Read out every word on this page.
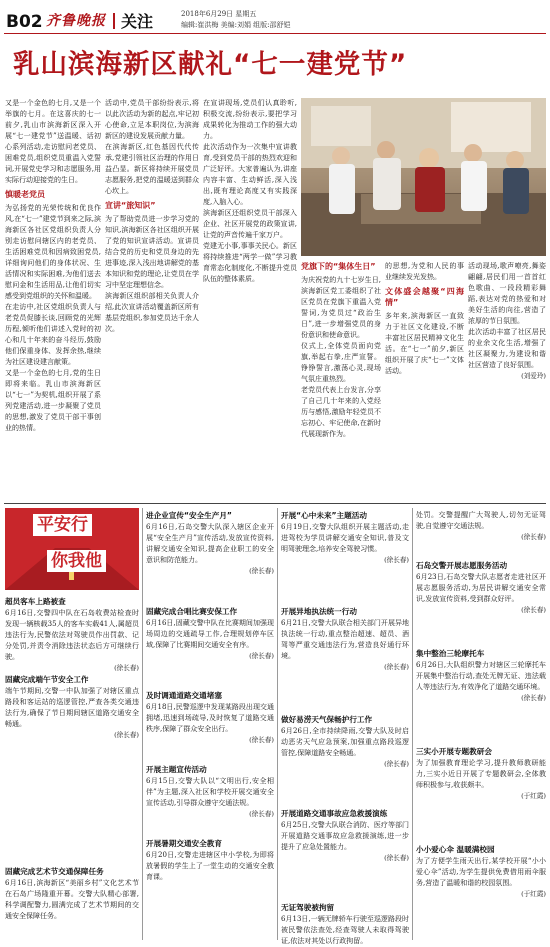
B02 齐鲁晚报 关注	2018年6月29日 星期五
编辑:崔洪梅 美编:刘娟 组版:邵舒铠
乳山滨海新区献礼“七一建党节”
又是一个金色的七月,又是一个举旗的七月。在这喜庆的七一前夕,乳山市滨海新区深入开展“七一建党节”送温暖、话初心系列活动,走访慰问老党员、困难党员,组织党员重温入党誓词,开展党史学习和志愿服务,用实际行动迎接党的生日。

慎暖老党员
为弘扬党的光荣传统和优良作风,在“七一”建党节到来之际,滨海新区各社区党组织负责人分别走访慰问辖区内的老党员、生活困难党员和因病致困党员,详细询问他们的身体状况、生活情况和实际困难,为他们送去慰问金和生活用品,让他们切实感受到党组织的关怀和温暖。
在走访中,社区党组织负责人与老党员促膝长谈,回顾党的光辉历程,倾听他们讲述入党时的初心和几十年来的奋斗经历,鼓励他们保重身体、发挥余热,继续为社区建设建言献策。
又是一个金色的七月,党的生日即将来临。乳山市滨海新区以“七一”为契机,组织开展了系列党建活动,进一步凝聚了党员的思想,激发了党员干部干事创业的热情。
活动中,党员干部纷纷表示,将以此次活动为新的起点,牢记初心使命,立足本职岗位,为滨海新区的建设发展贡献力量。
在滨海新区,红色基因代代传承,党建引领社区治理的作用日益凸显。新区将持续开展党员志愿服务,把党的温暖送到群众心坎上。

宣讲“旅知识”
为了帮助党员进一步学习党的知识,滨海新区各社区组织开展了党的知识宣讲活动。宣讲员结合党的历史和党员身边的先进事迹,深入浅出地讲解党的基本知识和党的理论,让党员在学习中坚定理想信念。
滨海新区组织部相关负责人介绍,此次宣讲活动覆盖新区所有基层党组织,参加党员达千余人次。
在宣讲现场,党员们认真聆听,积极交流,纷纷表示,要把学习成果转化为推动工作的强大动力。
此次活动作为一次集中宣讲教育,受到党员干部的热烈欢迎和广泛好评。大家普遍认为,讲座内容丰富、生动鲜活,深入浅出,既有理论高度又有实践深度,入脑入心。
滨海新区还组织党员干部深入企业、社区开展党的政策宣讲,让党的声音传遍千家万户。
党建无小事,事事关民心。新区将持续推进“两学一做”学习教育常态化制度化,不断提升党员队伍的整体素质。
党旗下的“集体生日”
为庆祝党的九十七岁生日,滨海新区党工委组织了社区党员在党旗下重温入党誓词,为党员过“政治生日”,进一步增强党员的身份意识和使命意识。
仪式上,全体党员面向党旗,举起右拳,庄严宣誓。铮铮誓言,激荡心灵,现场气氛庄重热烈。
老党员代表上台发言,分享了自己几十年来的入党经历与感悟,激励年轻党员不忘初心、牢记使命,在新时代展现新作为。
的思想,为党和人民的事业继续发光发热。

文体盛会越聚“四海情”
多年来,滨海新区一直致力于社区文化建设,不断丰富社区居民精神文化生活。在“七一”前夕,新区组织开展了庆“七一”文体活动。
活动现场,歌声嘹亮,舞姿翩翩,居民们用一首首红色歌曲、一段段精彩舞蹈,表达对党的热爱和对美好生活的向往,营造了浓厚的节日氛围。
此次活动丰富了社区居民的业余文化生活,增强了社区凝聚力,为建设和谐社区营造了良好氛围。
(刘爱玲)
平安行
你我他
超员客车上路被查
6月16日,交警四中队在石岛收费站检查时发现一辆核载35人的客车实载41人,属超员违法行为,民警依法对驾驶员作出罚款、记分处罚,并责令消除违法状态后方可继续行驶。
(徐长春)
固藏完成端午节安全工作
端午节期间,交警一中队加强了对辖区重点路段和客运站的巡逻管控,严查各类交通违法行为,确保了节日期间辖区道路交通安全畅通。
(徐长春)
固藏完成艺术节交通保障任务
6月16日,滨海新区“美丽乡村”文化艺术节在石岛广场隆重开幕。交警大队精心部署,科学调配警力,圆满完成了艺术节期间的交通安全保障任务。
进企业宣传“安全生产月”
6月16日,石岛交警大队深入辖区企业开展“安全生产月”宣传活动,发放宣传资料,讲解交通安全知识,提高企业职工的安全意识和防范能力。
(徐长春)
固藏完成合唱比赛安保工作
6月16日,固藏交警中队在比赛期间加强现场周边的交通疏导工作,合理规划停车区域,保障了比赛期间交通安全有序。
(徐长春)
及时调通道路交通堵塞
6月18日,民警巡逻中发现某路段出现交通拥堵,迅速到场疏导,及时恢复了道路交通秩序,保障了群众安全出行。
(徐长春)
开展主题宣传活动
6月15日,交警大队以“文明出行,安全相伴”为主题,深入社区和学校开展交通安全宣传活动,引导群众遵守交通法规。
(徐长春)
开展暑期交通安全教育
6月20日,交警走进辖区中小学校,为即将放暑假的学生上了一堂生动的交通安全教育课。
开展“心中未来”主题活动
6月19日,交警大队组织开展主题活动,走进驾校为学员讲解交通安全知识,普及文明驾驶理念,培养安全驾驶习惯。
(徐长春)
开展异地执法统一行动
6月21日,交警大队联合相关部门开展异地执法统一行动,重点整治超速、超员、酒驾等严重交通违法行为,营造良好通行环境。
(徐长春)
做好易涝天气保畅护行工作
6月26日,全市持续降雨,交警大队及时启动恶劣天气应急预案,加强重点路段巡逻管控,保障道路安全畅通。
(徐长春)
开展道路交通事故应急救援演练
6月25日,交警大队联合消防、医疗等部门开展道路交通事故应急救援演练,进一步提升了应急处置能力。
(徐长春)
无证驾驶被拘留
6月13日,一辆无牌轿车行驶至巡逻路段时被民警依法查处,经查驾驶人未取得驾驶证,依法对其处以行政拘留。
处罚。交警提醒广大驾驶人,切勿无证驾驶,自觉遵守交通法规。
(徐长春)
石岛交警开展志愿服务活动
6月23日,石岛交警大队志愿者走进社区开展志愿服务活动,为居民讲解交通安全常识,发放宣传资料,受到群众好评。
(徐长春)
集中整治三轮摩托车
6月26日,大队组织警力对辖区三轮摩托车开展集中整治行动,查处无牌无证、违法载人等违法行为,有效净化了道路交通环境。
(徐长春)
三实小开展专题教研会
为了加强教育理论学习,提升教师教研能力,三实小近日开展了专题教研会,全体教师积极参与,收获颇丰。
(于红霞)
小小爱心伞 温暖满校园
为了方便学生雨天出行,某学校开展“小小爱心伞”活动,为学生提供免费借用雨伞服务,营造了温暖和谐的校园氛围。
(于红霞)
